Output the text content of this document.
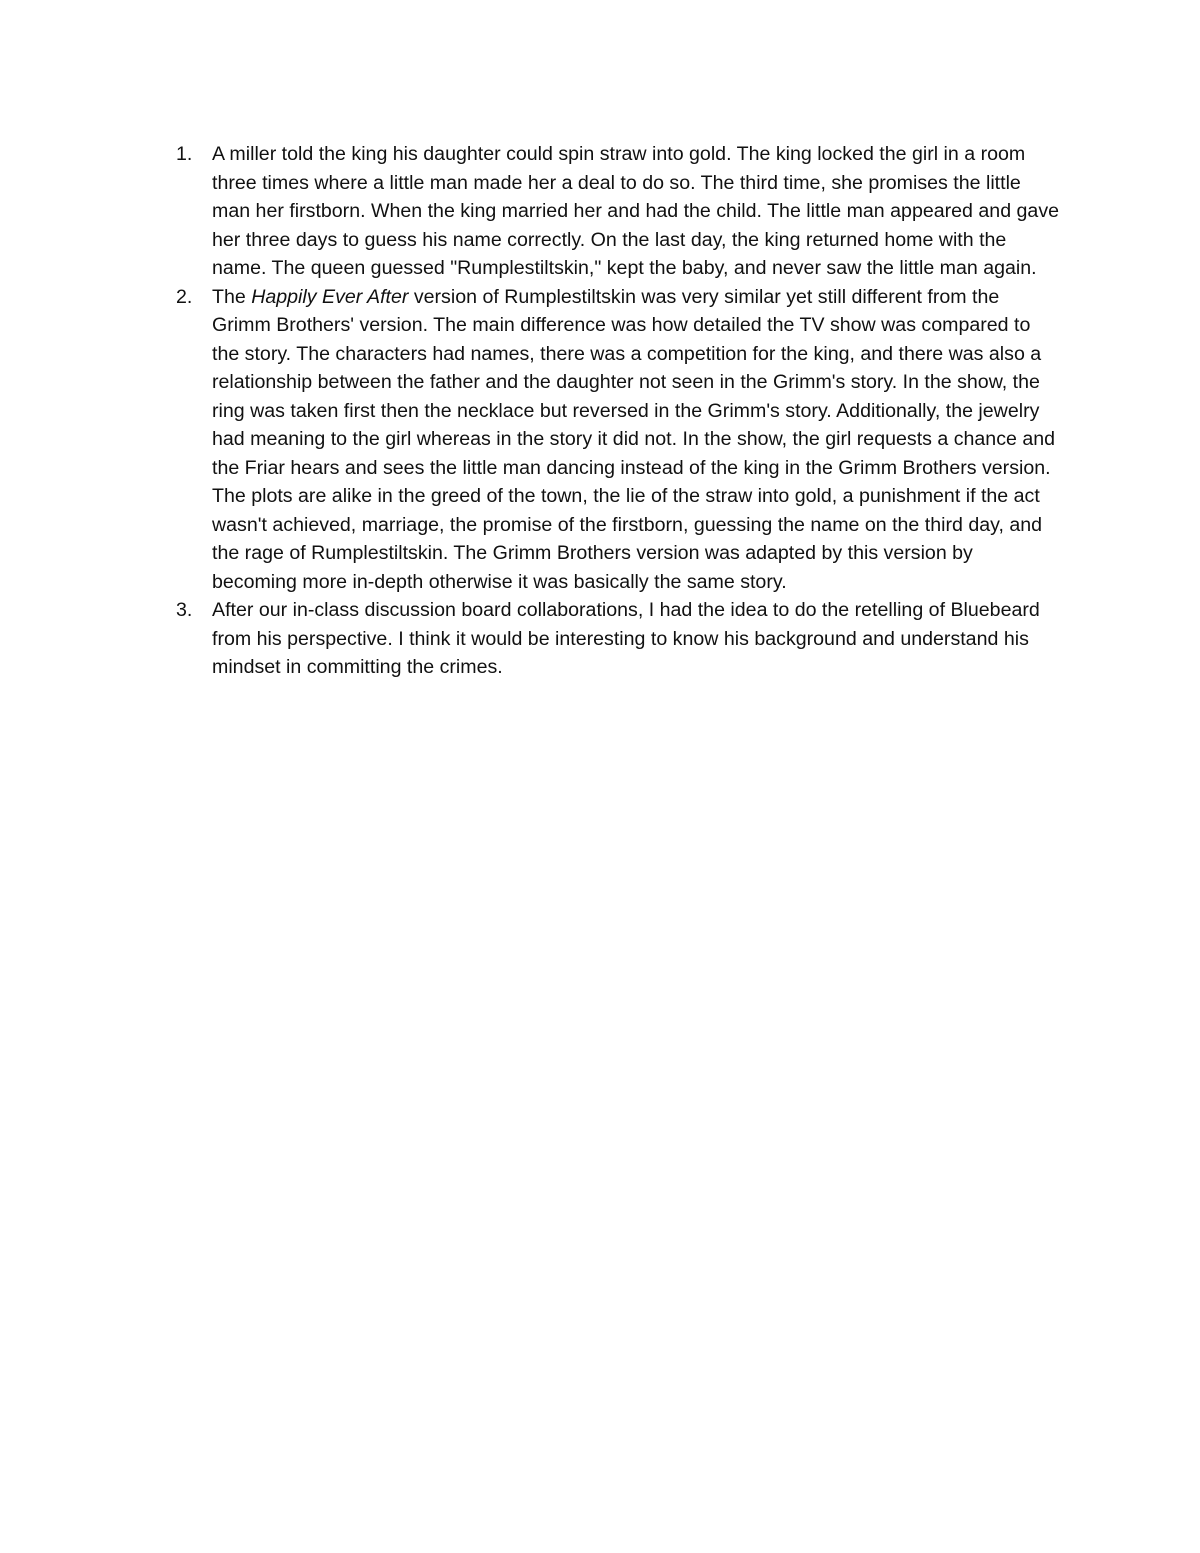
1. A miller told the king his daughter could spin straw into gold. The king locked the girl in a room three times where a little man made her a deal to do so. The third time, she promises the little man her firstborn. When the king married her and had the child. The little man appeared and gave her three days to guess his name correctly. On the last day, the king returned home with the name. The queen guessed "Rumplestiltskin," kept the baby, and never saw the little man again.
2. The Happily Ever After version of Rumplestiltskin was very similar yet still different from the Grimm Brothers' version. The main difference was how detailed the TV show was compared to the story. The characters had names, there was a competition for the king, and there was also a relationship between the father and the daughter not seen in the Grimm's story. In the show, the ring was taken first then the necklace but reversed in the Grimm's story. Additionally, the jewelry had meaning to the girl whereas in the story it did not. In the show, the girl requests a chance and the Friar hears and sees the little man dancing instead of the king in the Grimm Brothers version. The plots are alike in the greed of the town, the lie of the straw into gold, a punishment if the act wasn't achieved, marriage, the promise of the firstborn, guessing the name on the third day, and the rage of Rumplestiltskin. The Grimm Brothers version was adapted by this version by becoming more in-depth otherwise it was basically the same story.
3. After our in-class discussion board collaborations, I had the idea to do the retelling of Bluebeard from his perspective. I think it would be interesting to know his background and understand his mindset in committing the crimes.
